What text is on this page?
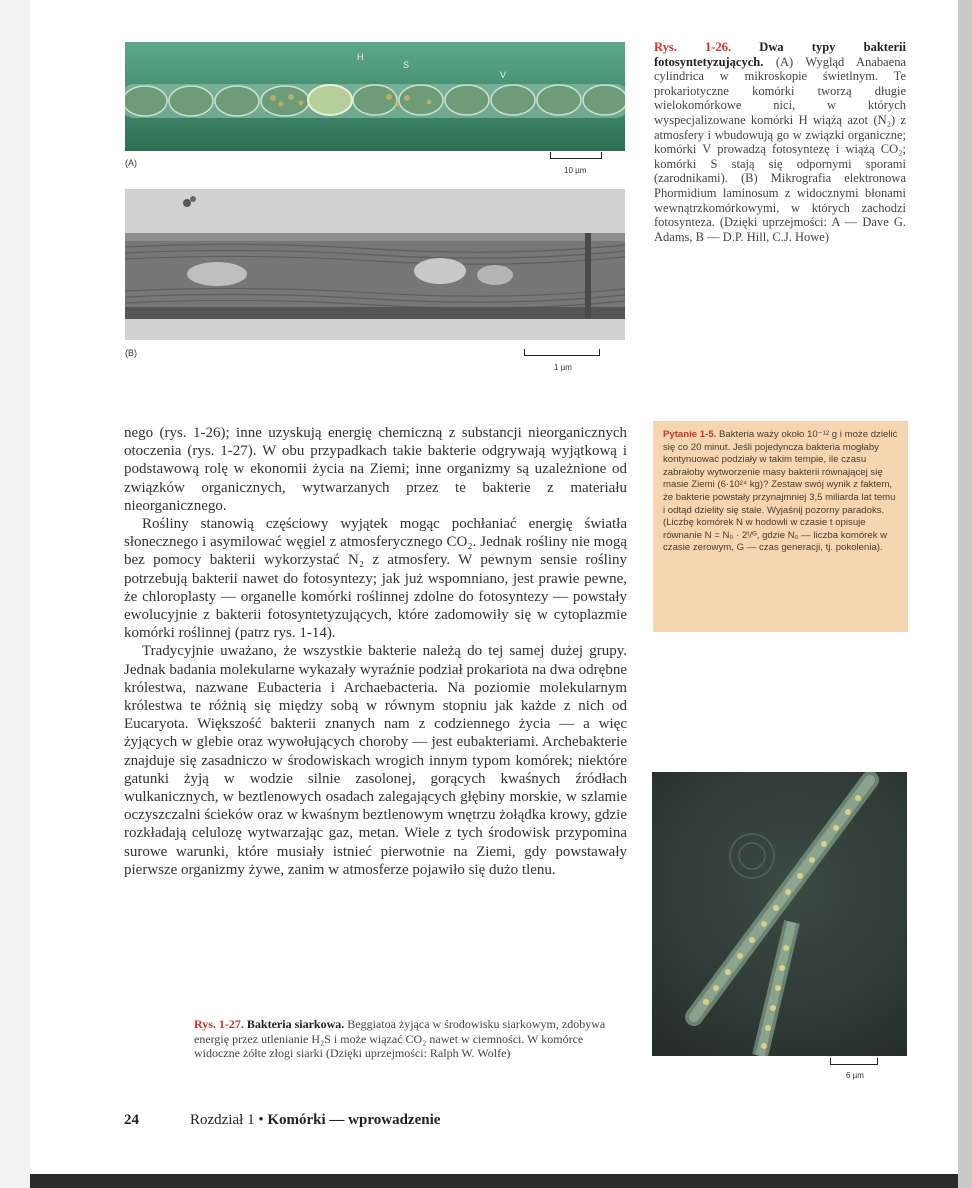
H
S
V
(A)
10 µm
(B)
1 µm
Rys. 1-26. Dwa typy bakterii fotosyntetyzujących. (A) Wygląd Anabaena cylindrica w mikroskopie świetlnym. Te prokariotyczne komórki tworzą długie wielokomórkowe nici, w których wyspecjalizowane komórki H wiążą azot (N₂) z atmosfery i wbudowują go w związki organiczne; komórki V prowadzą fotosyntezę i wiążą CO₂; komórki S stają się odpornymi sporami (zarodnikami). (B) Mikrografia elektronowa Phormidium laminosum z widocznymi błonami wewnątrzkomórkowymi, w których zachodzi fotosynteza. (Dzięki uprzejmości: A — Dave G. Adams, B — D.P. Hill, C.J. Howe)

nego (rys. 1-26); inne uzyskują energię chemiczną z substancji nieorganicznych otoczenia (rys. 1-27). W obu przypadkach takie bakterie odgrywają wyjątkową i podstawową rolę w ekonomii życia na Ziemi; inne organizmy są uzależnione od związków organicznych, wytwarzanych przez te bakterie z materiału nieorganicznego.

Rośliny stanowią częściowy wyjątek mogąc pochłaniać energię światła słonecznego i asymilować węgiel z atmosferycznego CO₂. Jednak rośliny nie mogą bez pomocy bakterii wykorzystać N₂ z atmosfery. W pewnym sensie rośliny potrzebują bakterii nawet do fotosyntezy; jak już wspomniano, jest prawie pewne, że chloroplasty — organelle komórki roślinnej zdolne do fotosyntezy — powstały ewolucyjnie z bakterii fotosyntetyzujących, które zadomowiły się w cytoplazmie komórki roślinnej (patrz rys. 1-14).

Tradycyjnie uważano, że wszystkie bakterie należą do tej samej dużej grupy. Jednak badania molekularne wykazały wyraźnie podział prokariota na dwa odrębne królestwa, nazwane Eubacteria i Archaebacteria. Na poziomie molekularnym królestwa te różnią się między sobą w równym stopniu jak każde z nich od Eucaryota. Większość bakterii znanych nam z codziennego życia — a więc żyjących w glebie oraz wywołujących choroby — jest eubakteriami. Archebakterie znajduje się zasadniczo w środowiskach wrogich innym typom komórek; niektóre gatunki żyją w wodzie silnie zasolonej, gorących kwaśnych źródłach wulkanicznych, w beztlenowych osadach zalegających głębiny morskie, w szlamie oczyszczalni ścieków oraz w kwaśnym beztlenowym wnętrzu żołądka krowy, gdzie rozkładają celulozę wytwarzając gaz, metan. Wiele z tych środowisk przypomina surowe warunki, które musiały istnieć pierwotnie na Ziemi, gdy powstawały pierwsze organizmy żywe, zanim w atmosferze pojawiło się dużo tlenu.

Pytanie 1-5. Bakteria waży około 10⁻¹² g i może dzielić się co 20 minut. Jeśli pojedyncza bakteria mogłaby kontynuować podziały w takim tempie, ile czasu zabrałoby wytworzenie masy bakterii równającej się masie Ziemi (6·10²⁴ kg)? Zestaw swój wynik z faktem, że bakterie powstały przynajmniej 3,5 miliarda lat temu i odtąd dzielity się stale. Wyjaśnij pozorny paradoks. (Liczbę komórek N w hodowli w czasie t opisuje równanie N = N₀ · 2ᵗ/ᴳ, gdzie N₀ — liczba komórek w czasie zerowym, G — czas generacji, tj. pokolenia).
6 µm
Rys. 1-27. Bakteria siarkowa. Beggiatoa żyjąca w środowisku siarkowym, zdobywa energię przez utlenianie H₂S i może wiązać CO₂ nawet w ciemności. W komórce widoczne żółte złogi siarki (Dzięki uprzejmości: Ralph W. Wolfe)
24	Rozdział 1 • Komórki — wprowadzenie
